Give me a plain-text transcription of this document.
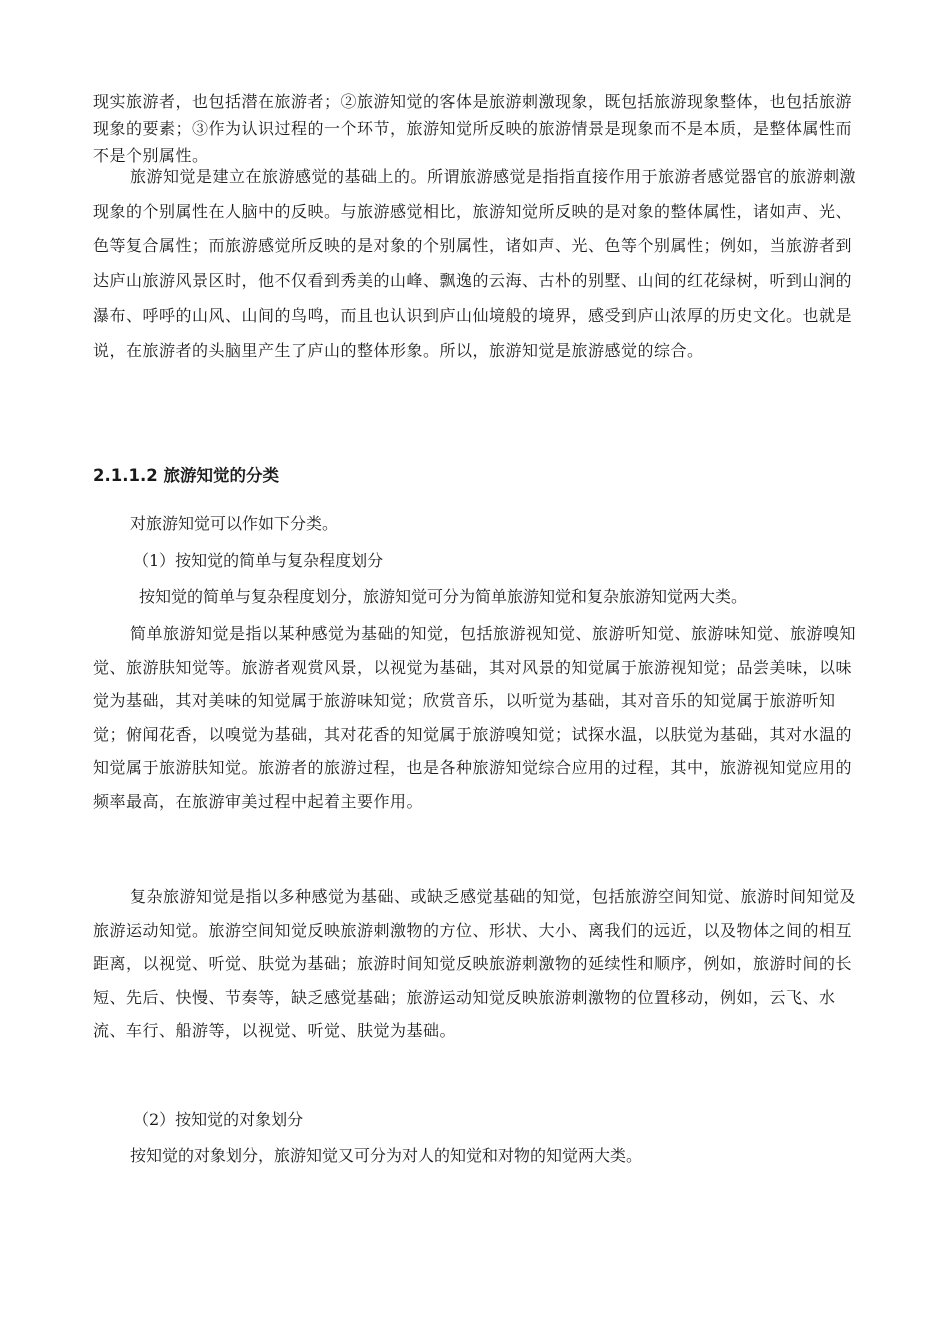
现实旅游者，也包括潜在旅游者；②旅游知觉的客体是旅游刺激现象，既包括旅游现象整体，也包括旅游现象的要素；③作为认识过程的一个环节，旅游知觉所反映的旅游情景是现象而不是本质，是整体属性而不是个别属性。

旅游知觉是建立在旅游感觉的基础上的。所谓旅游感觉是指指直接作用于旅游者感觉器官的旅游刺激现象的个别属性在人脑中的反映。与旅游感觉相比，旅游知觉所反映的是对象的整体属性，诸如声、光、色等复合属性；而旅游感觉所反映的是对象的个别属性，诸如声、光、色等个别属性；例如，当旅游者到达庐山旅游风景区时，他不仅看到秀美的山峰、飘逸的云海、古朴的别墅、山间的红花绿树，听到山涧的瀑布、呼呼的山风、山间的鸟鸣，而且也认识到庐山仙境般的境界，感受到庐山浓厚的历史文化。也就是说，在旅游者的头脑里产生了庐山的整体形象。所以，旅游知觉是旅游感觉的综合。

2.1.1.2 旅游知觉的分类

对旅游知觉可以作如下分类。

（1）按知觉的简单与复杂程度划分

按知觉的简单与复杂程度划分，旅游知觉可分为简单旅游知觉和复杂旅游知觉两大类。

简单旅游知觉是指以某种感觉为基础的知觉，包括旅游视知觉、旅游听知觉、旅游味知觉、旅游嗅知觉、旅游肤知觉等。旅游者观赏风景，以视觉为基础，其对风景的知觉属于旅游视知觉；品尝美味，以味觉为基础，其对美味的知觉属于旅游味知觉；欣赏音乐，以听觉为基础，其对音乐的知觉属于旅游听知觉；俯闻花香，以嗅觉为基础，其对花香的知觉属于旅游嗅知觉；试探水温，以肤觉为基础，其对水温的知觉属于旅游肤知觉。旅游者的旅游过程，也是各种旅游知觉综合应用的过程，其中，旅游视知觉应用的频率最高，在旅游审美过程中起着主要作用。

复杂旅游知觉是指以多种感觉为基础、或缺乏感觉基础的知觉，包括旅游空间知觉、旅游时间知觉及旅游运动知觉。旅游空间知觉反映旅游刺激物的方位、形状、大小、离我们的远近，以及物体之间的相互距离，以视觉、听觉、肤觉为基础；旅游时间知觉反映旅游刺激物的延续性和顺序，例如，旅游时间的长短、先后、快慢、节奏等，缺乏感觉基础；旅游运动知觉反映旅游刺激物的位置移动，例如，云飞、水流、车行、船游等，以视觉、听觉、肤觉为基础。

（2）按知觉的对象划分

按知觉的对象划分，旅游知觉又可分为对人的知觉和对物的知觉两大类。
